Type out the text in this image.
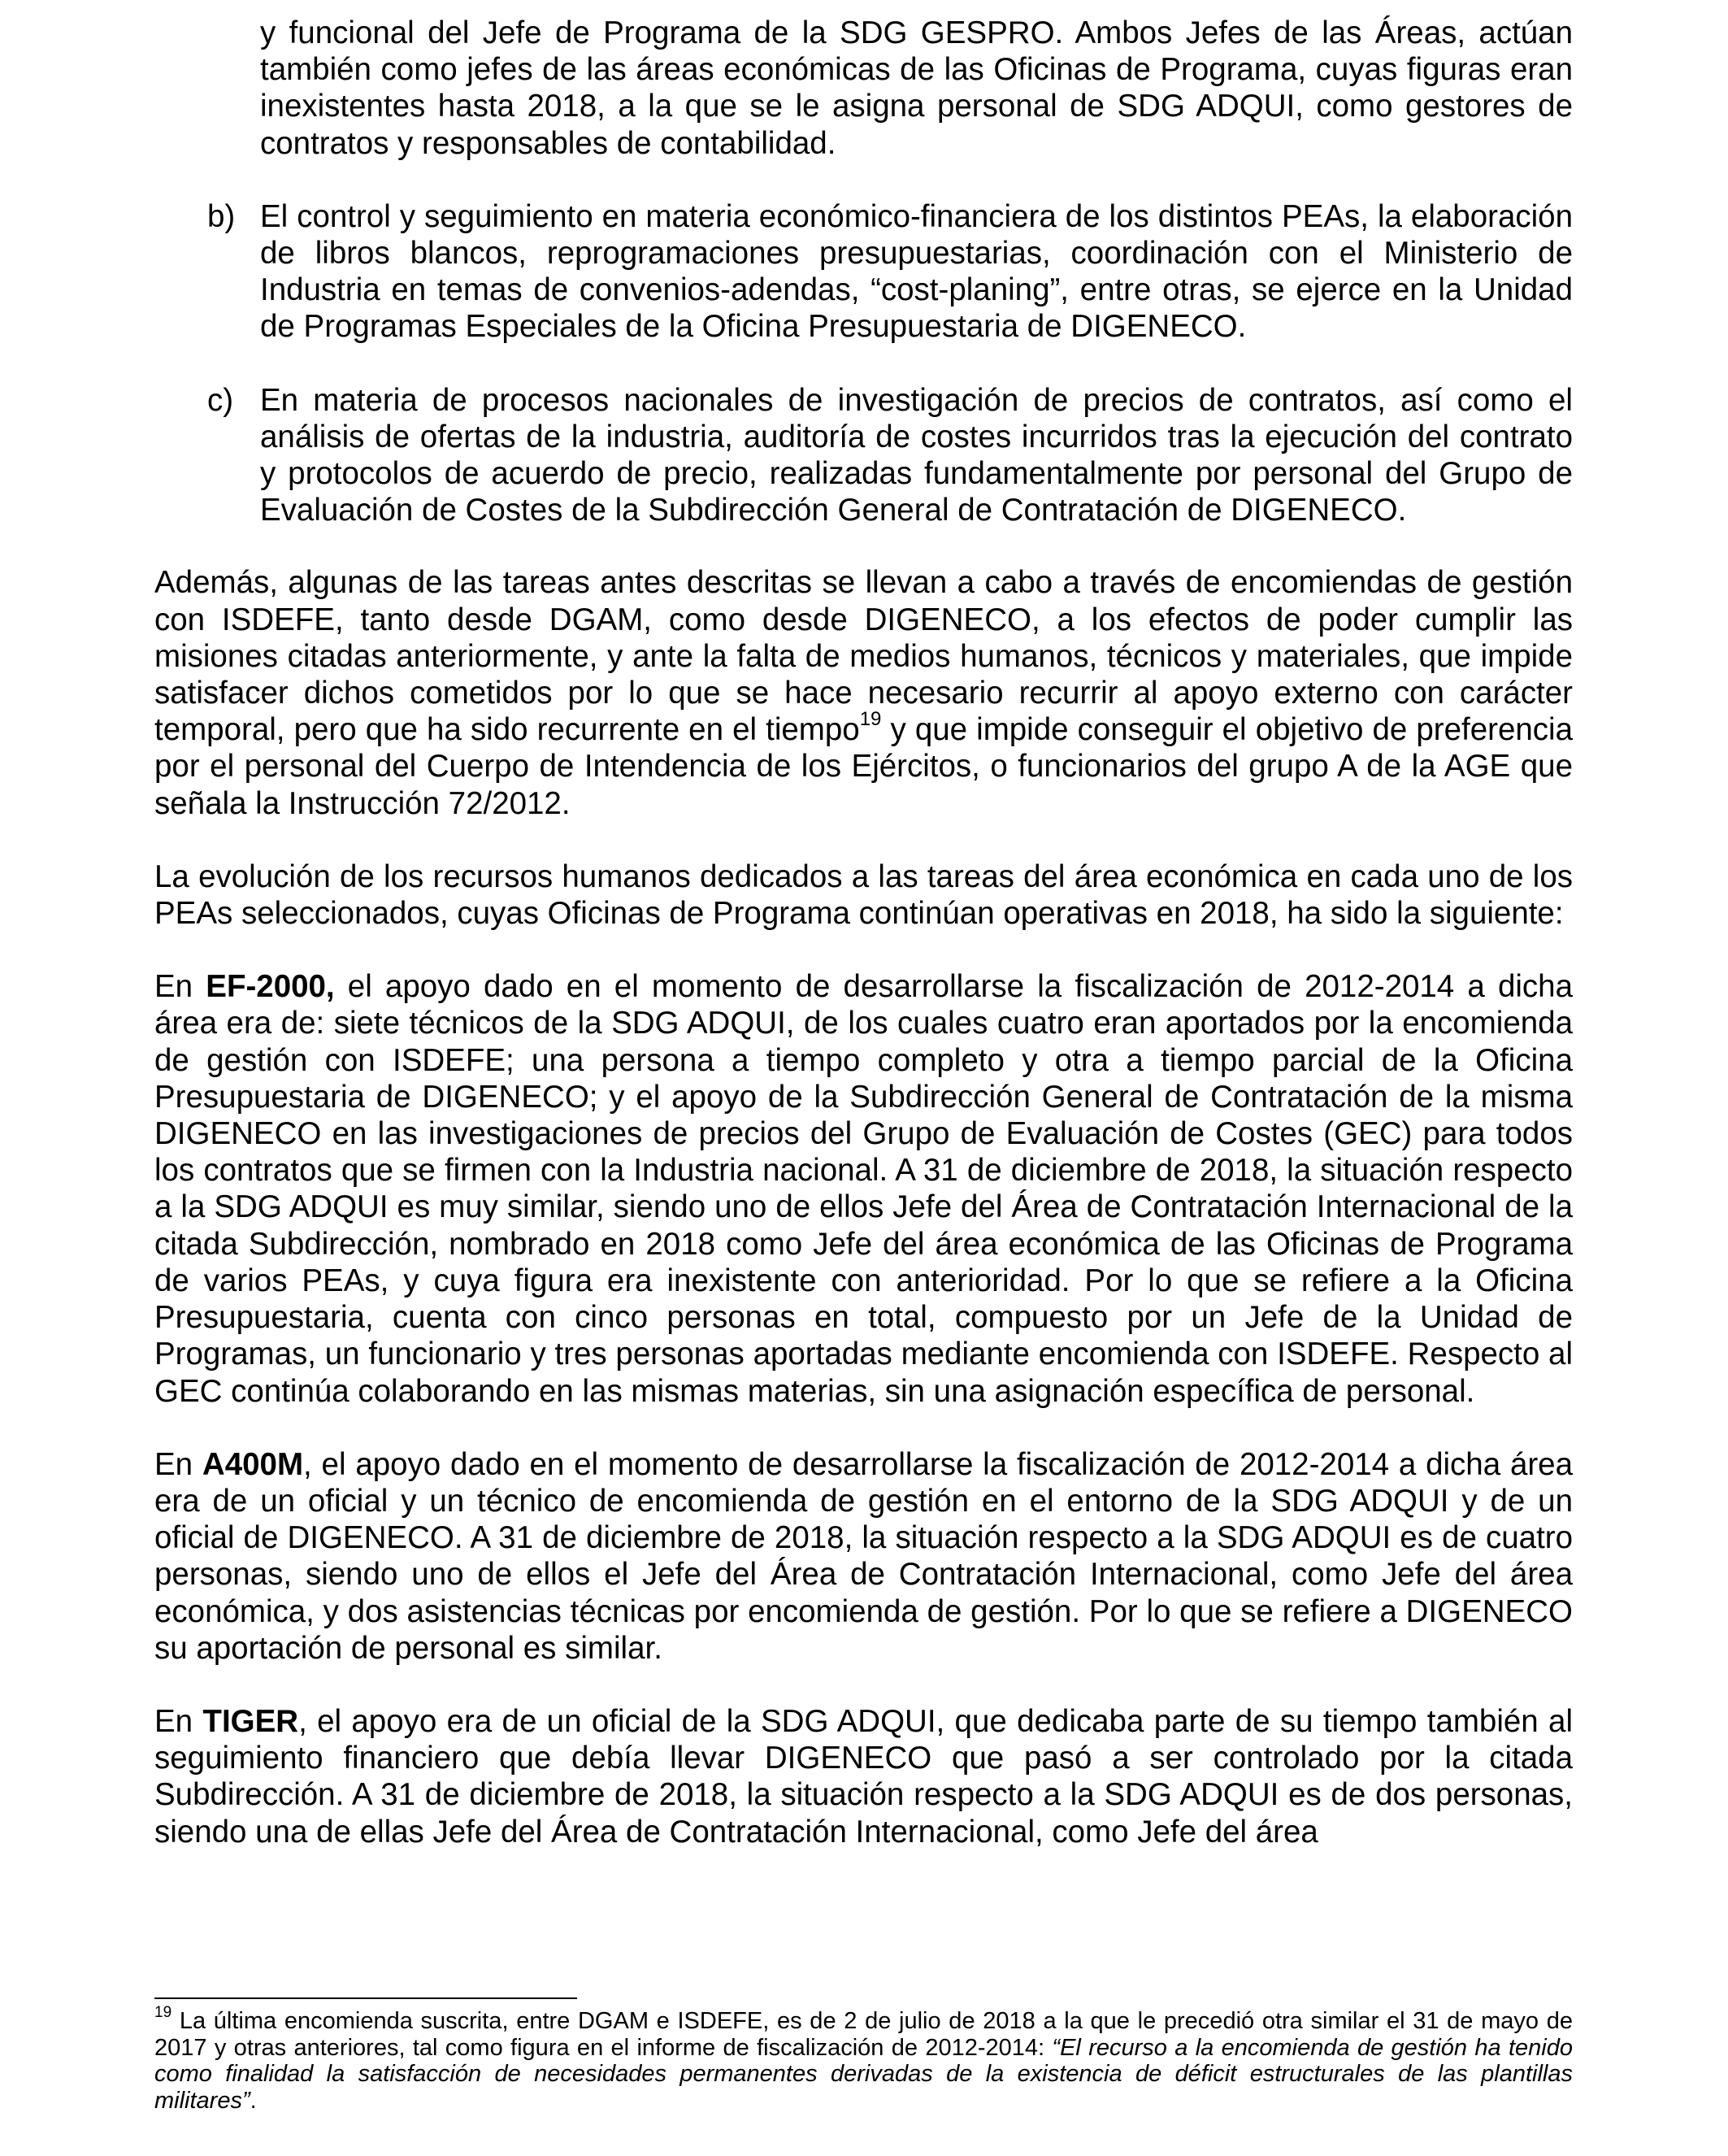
y funcional del Jefe de Programa de la SDG GESPRO. Ambos Jefes de las Áreas, actúan también como jefes de las áreas económicas de las Oficinas de Programa, cuyas figuras eran inexistentes hasta 2018, a la que se le asigna personal de SDG ADQUI, como gestores de contratos y responsables de contabilidad.

b) El control y seguimiento en materia económico-financiera de los distintos PEAs, la elaboración de libros blancos, reprogramaciones presupuestarias, coordinación con el Ministerio de Industria en temas de convenios-adendas, “cost-planing”, entre otras, se ejerce en la Unidad de Programas Especiales de la Oficina Presupuestaria de DIGENECO.

c) En materia de procesos nacionales de investigación de precios de contratos, así como el análisis de ofertas de la industria, auditoría de costes incurridos tras la ejecución del contrato y protocolos de acuerdo de precio, realizadas fundamentalmente por personal del Grupo de Evaluación de Costes de la Subdirección General de Contratación de DIGENECO.

Además, algunas de las tareas antes descritas se llevan a cabo a través de encomiendas de gestión con ISDEFE, tanto desde DGAM, como desde DIGENECO, a los efectos de poder cumplir las misiones citadas anteriormente, y ante la falta de medios humanos, técnicos y materiales, que impide satisfacer dichos cometidos por lo que se hace necesario recurrir al apoyo externo con carácter temporal, pero que ha sido recurrente en el tiempo$^{19}$ y que impide conseguir el objetivo de preferencia por el personal del Cuerpo de Intendencia de los Ejércitos, o funcionarios del grupo A de la AGE que señala la Instrucción 72/2012.

La evolución de los recursos humanos dedicados a las tareas del área económica en cada uno de los PEAs seleccionados, cuyas Oficinas de Programa continúan operativas en 2018, ha sido la siguiente:

En EF-2000, el apoyo dado en el momento de desarrollarse la fiscalización de 2012-2014 a dicha área era de: siete técnicos de la SDG ADQUI, de los cuales cuatro eran aportados por la encomienda de gestión con ISDEFE; una persona a tiempo completo y otra a tiempo parcial de la Oficina Presupuestaria de DIGENECO; y el apoyo de la Subdirección General de Contratación de la misma DIGENECO en las investigaciones de precios del Grupo de Evaluación de Costes (GEC) para todos los contratos que se firmen con la Industria nacional. A 31 de diciembre de 2018, la situación respecto a la SDG ADQUI es muy similar, siendo uno de ellos Jefe del Área de Contratación Internacional de la citada Subdirección, nombrado en 2018 como Jefe del área económica de las Oficinas de Programa de varios PEAs, y cuya figura era inexistente con anterioridad. Por lo que se refiere a la Oficina Presupuestaria, cuenta con cinco personas en total, compuesto por un Jefe de la Unidad de Programas, un funcionario y tres personas aportadas mediante encomienda con ISDEFE. Respecto al GEC continúa colaborando en las mismas materias, sin una asignación específica de personal.

En A400M, el apoyo dado en el momento de desarrollarse la fiscalización de 2012-2014 a dicha área era de un oficial y un técnico de encomienda de gestión en el entorno de la SDG ADQUI y de un oficial de DIGENECO. A 31 de diciembre de 2018, la situación respecto a la SDG ADQUI es de cuatro personas, siendo uno de ellos el Jefe del Área de Contratación Internacional, como Jefe del área económica, y dos asistencias técnicas por encomienda de gestión. Por lo que se refiere a DIGENECO su aportación de personal es similar.

En TIGER, el apoyo era de un oficial de la SDG ADQUI, que dedicaba parte de su tiempo también al seguimiento financiero que debía llevar DIGENECO que pasó a ser controlado por la citada Subdirección. A 31 de diciembre de 2018, la situación respecto a la SDG ADQUI es de dos personas, siendo una de ellas Jefe del Área de Contratación Internacional, como Jefe del área

$^{19}$ La última encomienda suscrita, entre DGAM e ISDEFE, es de 2 de julio de 2018 a la que le precedió otra similar el 31 de mayo de 2017 y otras anteriores, tal como figura en el informe de fiscalización de 2012-2014: “El recurso a la encomienda de gestión ha tenido como finalidad la satisfacción de necesidades permanentes derivadas de la existencia de déficit estructurales de las plantillas militares”.
